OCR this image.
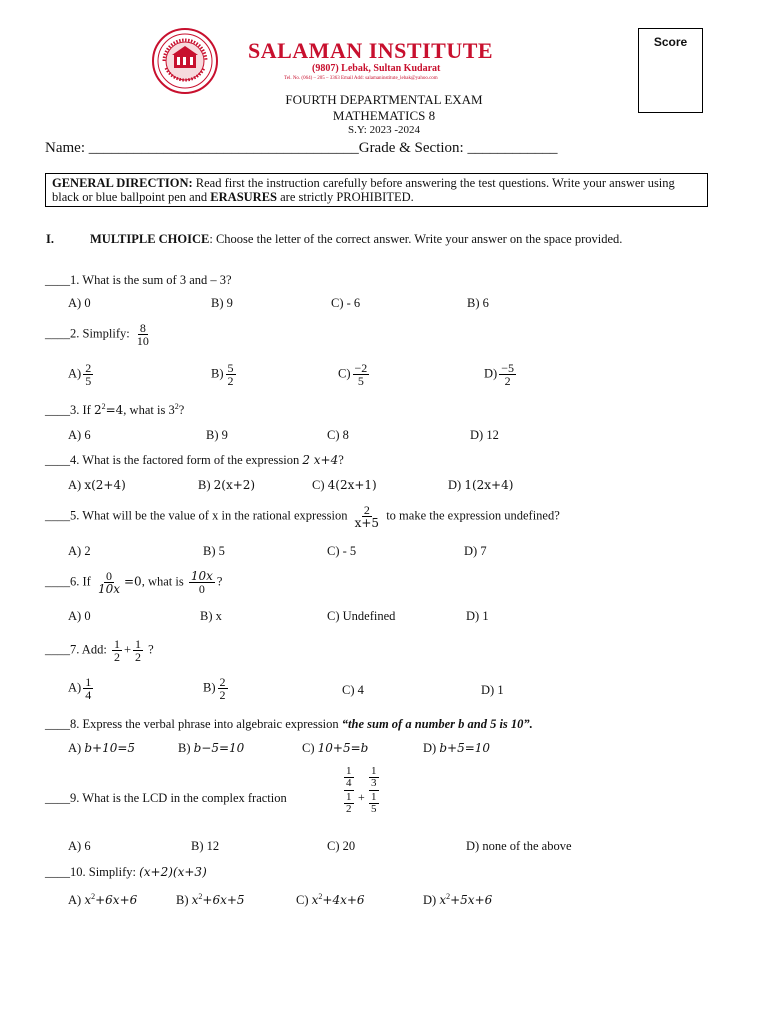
SALAMAN INSTITUTE
(9807) Lebak, Sultan Kudarat
Tel. No. (064) – 205 – 3363 Email Add: salamaninstitute_lebak@yahoo.com
Score
FOURTH DEPARTMENTAL EXAM
MATHEMATICS 8
S.Y: 2023 -2024
Name: ____________________________________Grade & Section: ____________
GENERAL DIRECTION: Read first the instruction carefully before answering the test questions. Write your answer using black or blue ballpoint pen and ERASURES are strictly PROHIBITED.
I.	MULTIPLE CHOICE: Choose the letter of the correct answer. Write your answer on the space provided.
____1. What is the sum of 3 and – 3?
A) 0	B) 9	C) - 6	B) 6
____2. Simplify: $\frac{8}{10}$
$A) \frac{2}{5}$	$B) \frac{5}{2}$	$C) \frac{-2}{5}$	$D) \frac{-5}{2}$
____3. If $2^2=4$, what is $3^2$?
A) 6	B) 9	C) 8	D) 12
____4. What is the factored form of the expression 2 x+4?
A) x(2+4)	B) 2(x+2)	C) 4(2x+1)	D) 1(2x+4)
____5. What will be the value of x in the rational expression $\frac{2}{x+5}$ to make the expression undefined?
A) 2	B) 5	C) - 5	D) 7
____6. If $\frac{0}{10x} =0$, what is $\frac{10x}{0}$ ?
A) 0	B) x	C) Undefined	D) 1
____7. Add: $\frac{1}{2} + \frac{1}{2}$ ?
$A) \frac{1}{4}$	$B) \frac{2}{2}$	C) 4	D) 1
____8. Express the verbal phrase into algebraic expression “the sum of a number b and 5 is 10”.
A) b+10=5	B) b−5=10	C) 10+5=b	D) b+5=10
____9. What is the LCD in the complex fraction
$\frac{1}{4}$

$\frac{1}{2}$ +
$\frac{1}{3}$

$\frac{1}{5}$
A) 6	B) 12	C) 20	D) none of the above
____10. Simplify: (x+2)(x+3)
A) $x^2+6x+6$	B) $x^2+6x+5$	C) $x^2+4x+6$	D) $x^2+5x+6$
